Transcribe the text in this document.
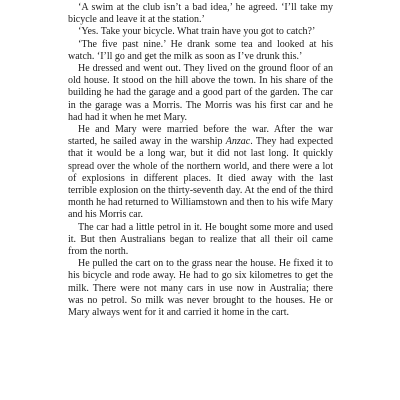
‘A swim at the club isn’t a bad idea,’ he agreed. ‘I’ll take my bicycle and leave it at the station.’

‘Yes. Take your bicycle. What train have you got to catch?’

‘The five past nine.’ He drank some tea and looked at his watch. ‘I’ll go and get the milk as soon as I’ve drunk this.’

He dressed and went out. They lived on the ground floor of an old house. It stood on the hill above the town. In his share of the building he had the garage and a good part of the garden. The car in the garage was a Morris. The Morris was his first car and he had had it when he met Mary.

He and Mary were married before the war. After the war started, he sailed away in the warship Anzac. They had expected that it would be a long war, but it did not last long. It quickly spread over the whole of the northern world, and there were a lot of explosions in different places. It died away with the last terrible explosion on the thirty-seventh day. At the end of the third month he had returned to Williamstown and then to his wife Mary and his Morris car.

The car had a little petrol in it. He bought some more and used it. But then Australians began to realize that all their oil came from the north.

He pulled the cart on to the grass near the house. He fixed it to his bicycle and rode away. He had to go six kilometres to get the milk. There were not many cars in use now in Australia; there was no petrol. So milk was never brought to the houses. He or Mary always went for it and carried it home in the cart.
